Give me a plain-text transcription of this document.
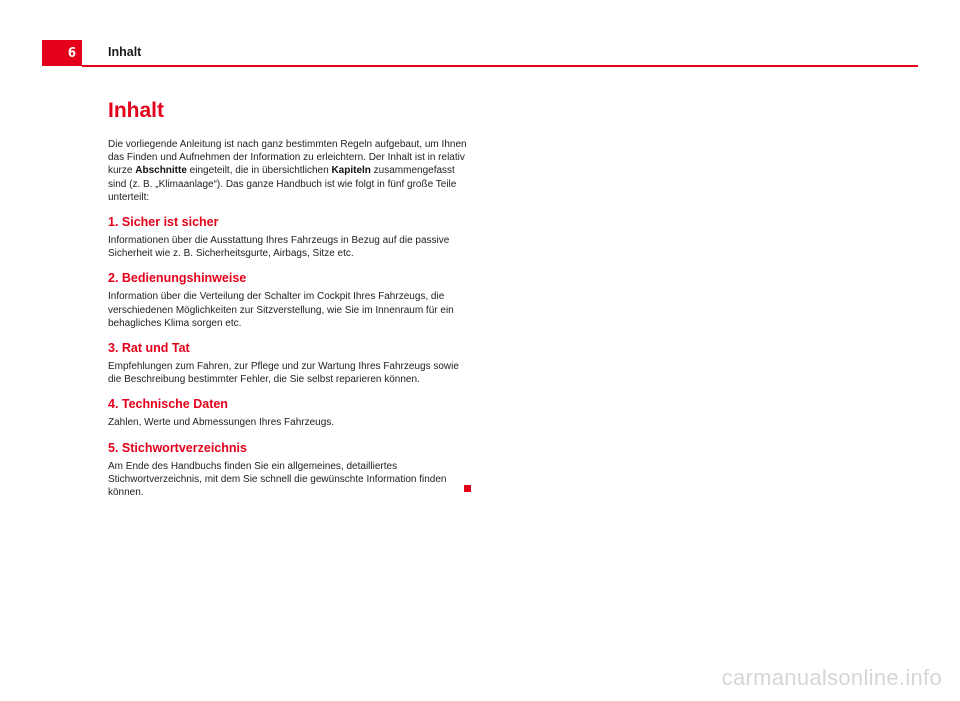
6	Inhalt
Inhalt

Die vorliegende Anleitung ist nach ganz bestimmten Regeln aufgebaut, um Ihnen das Finden und Aufnehmen der Information zu erleichtern. Der Inhalt ist in relativ kurze Abschnitte eingeteilt, die in übersichtlichen Kapiteln zusammengefasst sind (z. B. „Klimaanlage“). Das ganze Handbuch ist wie folgt in fünf große Teile unterteilt:

1. Sicher ist sicher

Informationen über die Ausstattung Ihres Fahrzeugs in Bezug auf die passive Sicherheit wie z. B. Sicherheitsgurte, Airbags, Sitze etc.

2. Bedienungshinweise

Information über die Verteilung der Schalter im Cockpit Ihres Fahrzeugs, die verschiedenen Möglichkeiten zur Sitzverstellung, wie Sie im Innenraum für ein behagliches Klima sorgen etc.

3. Rat und Tat

Empfehlungen zum Fahren, zur Pflege und zur Wartung Ihres Fahrzeugs sowie die Beschreibung bestimmter Fehler, die Sie selbst reparieren können.

4. Technische Daten

Zahlen, Werte und Abmessungen Ihres Fahrzeugs.

5. Stichwortverzeichnis

Am Ende des Handbuchs finden Sie ein allgemeines, detailliertes Stichwortverzeichnis, mit dem Sie schnell die gewünschte Information finden können.

carmanualsonline.info
